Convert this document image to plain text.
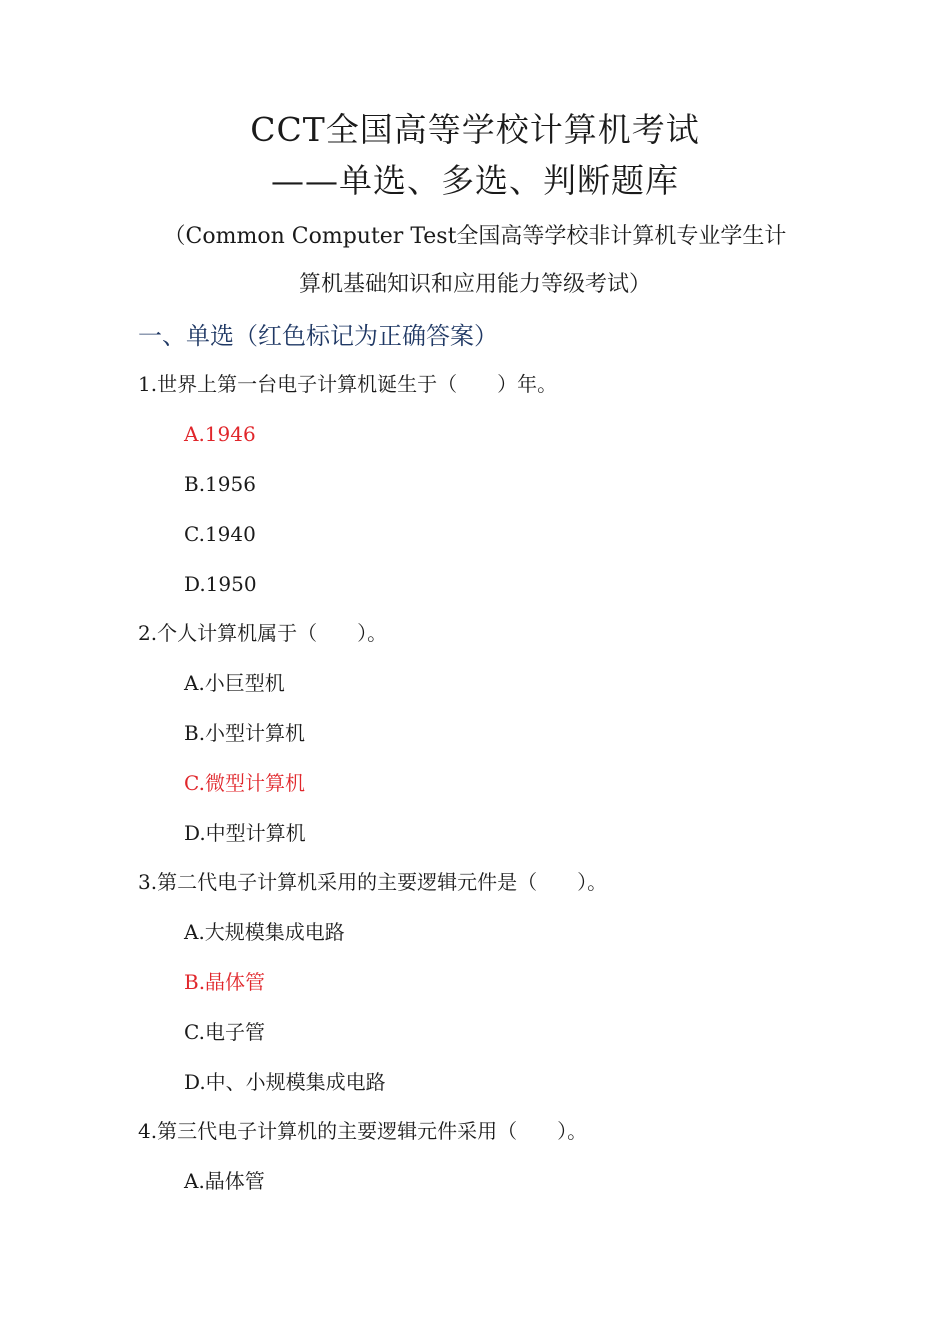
CCT全国高等学校计算机考试
——单选、多选、判断题库
（Common Computer Test全国高等学校非计算机专业学生计
算机基础知识和应用能力等级考试）
一、单选（红色标记为正确答案）
1.世界上第一台电子计算机诞生于（　　）年。
A.1946
B.1956
C.1940
D.1950
2.个人计算机属于（　　）。
A.小巨型机
B.小型计算机
C.微型计算机
D.中型计算机
3.第二代电子计算机采用的主要逻辑元件是（　　）。
A.大规模集成电路
B.晶体管
C.电子管
D.中、小规模集成电路
4.第三代电子计算机的主要逻辑元件采用（　　）。
A.晶体管
